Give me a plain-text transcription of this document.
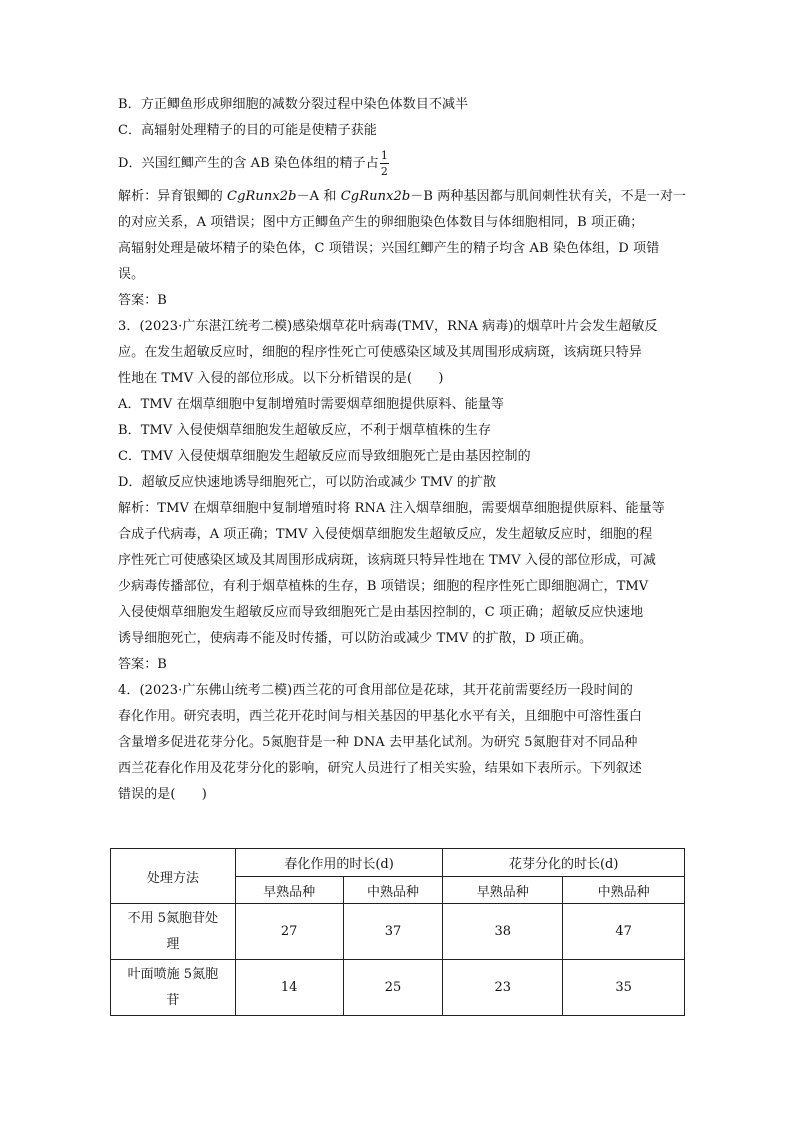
B．方正鲫鱼形成卵细胞的减数分裂过程中染色体数目不减半
C．高辐射处理精子的目的可能是使精子获能
D．兴国红鲫产生的含 AB 染色体组的精子占 $\frac{1}{2}$
解析：异育银鲫的 CgRunx2b－A 和 CgRunx2b－B 两种基因都与肌间刺性状有关，不是一对一
的对应关系，A 项错误；图中方正鲫鱼产生的卵细胞染色体数目与体细胞相同，B 项正确；
高辐射处理是破坏精子的染色体，C 项错误；兴国红鲫产生的精子均含 AB 染色体组，D 项错
误。
答案：B
3．(2023·广东湛江统考二模)感染烟草花叶病毒(TMV，RNA 病毒)的烟草叶片会发生超敏反
应。在发生超敏反应时，细胞的程序性死亡可使感染区域及其周围形成病斑，该病斑只特异
性地在 TMV 入侵的部位形成。以下分析错误的是(　　)
A．TMV 在烟草细胞中复制增殖时需要烟草细胞提供原料、能量等
B．TMV 入侵使烟草细胞发生超敏反应，不利于烟草植株的生存
C．TMV 入侵使烟草细胞发生超敏反应而导致细胞死亡是由基因控制的
D．超敏反应快速地诱导细胞死亡，可以防治或减少 TMV 的扩散
解析：TMV 在烟草细胞中复制增殖时将 RNA 注入烟草细胞，需要烟草细胞提供原料、能量等
合成子代病毒，A 项正确；TMV 入侵使烟草细胞发生超敏反应，发生超敏反应时，细胞的程
序性死亡可使感染区域及其周围形成病斑，该病斑只特异性地在 TMV 入侵的部位形成，可减
少病毒传播部位，有利于烟草植株的生存，B 项错误；细胞的程序性死亡即细胞凋亡，TMV
入侵使烟草细胞发生超敏反应而导致细胞死亡是由基因控制的，C 项正确；超敏反应快速地
诱导细胞死亡，使病毒不能及时传播，可以防治或减少 TMV 的扩散，D 项正确。
答案：B
4．(2023·广东佛山统考二模)西兰花的可食用部位是花球，其开花前需要经历一段时间的
春化作用。研究表明，西兰花开花时间与相关基因的甲基化水平有关，且细胞中可溶性蛋白
含量增多促进花芽分化。5氮胞苷是一种 DNA 去甲基化试剂。为研究 5氮胞苷对不同品种
西兰花春化作用及花芽分化的影响，研究人员进行了相关实验，结果如下表所示。下列叙述
错误的是(　　)
处理方法	春化作用的时长(d)		花芽分化的时长(d)	
	早熟品种	中熟品种	早熟品种	中熟品种

不用 5氮胞苷处
理	27	37	38	47

叶面喷施 5氮胞
苷	14	25	23	35
